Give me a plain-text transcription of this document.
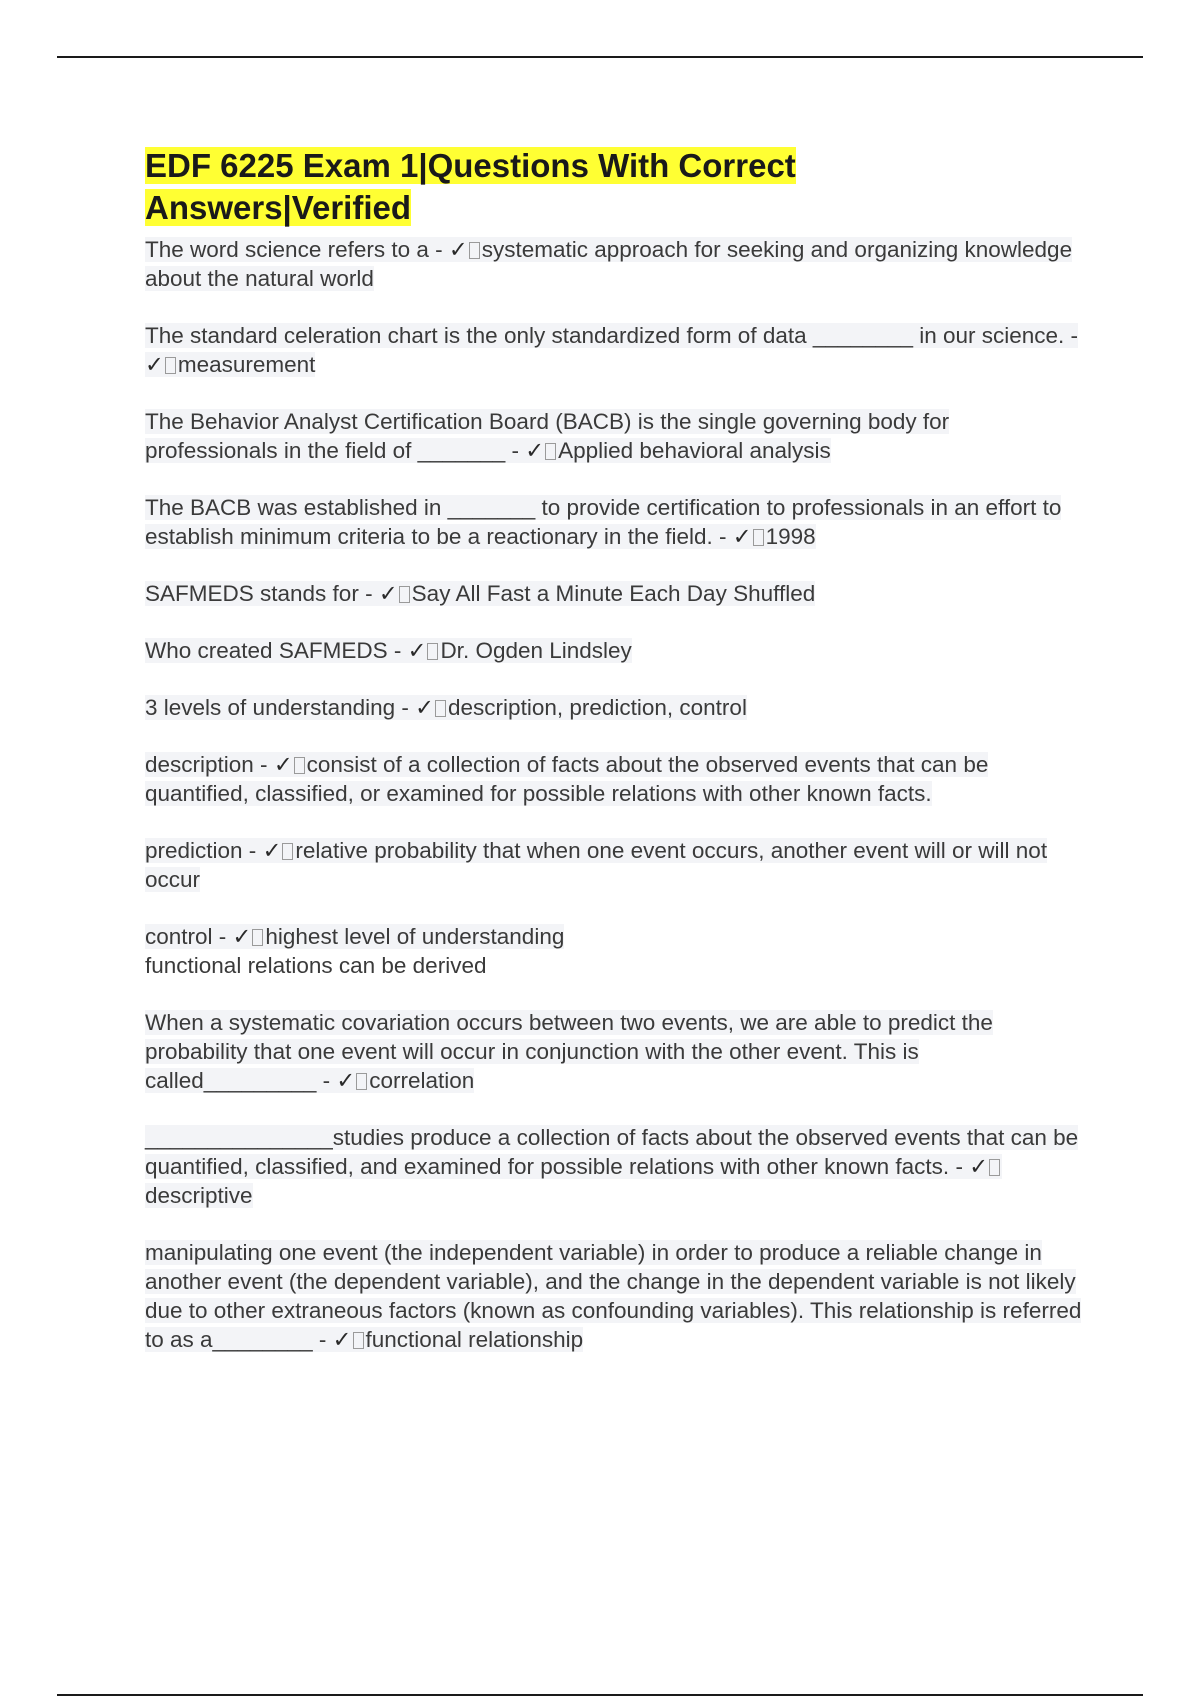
EDF 6225 Exam 1|Questions With Correct
Answers|Verified

The word science refers to a - ✓ systematic approach for seeking and organizing knowledge about the natural world

The standard celeration chart is the only standardized form of data ________ in our science. - ✓ measurement

The Behavior Analyst Certification Board (BACB) is the single governing body for professionals in the field of _______ - ✓ Applied behavioral analysis

The BACB was established in _______ to provide certification to professionals in an effort to establish minimum criteria to be a reactionary in the field. - ✓ 1998

SAFMEDS stands for - ✓ Say All Fast a Minute Each Day Shuffled

Who created SAFMEDS - ✓ Dr. Ogden Lindsley

3 levels of understanding - ✓ description, prediction, control

description - ✓ consist of a collection of facts about the observed events that can be quantified, classified, or examined for possible relations with other known facts.

prediction - ✓ relative probability that when one event occurs, another event will or will not occur

control - ✓ highest level of understanding
functional relations can be derived

When a systematic covariation occurs between two events, we are able to predict the probability that one event will occur in conjunction with the other event. This is called_________ - ✓ correlation

_______________studies produce a collection of facts about the observed events that can be quantified, classified, and examined for possible relations with other known facts. - ✓descriptive

manipulating one event (the independent variable) in order to produce a reliable change in another event (the dependent variable), and the change in the dependent variable is not likely due to other extraneous factors (known as confounding variables). This relationship is referred to as a________ - ✓ functional relationship
